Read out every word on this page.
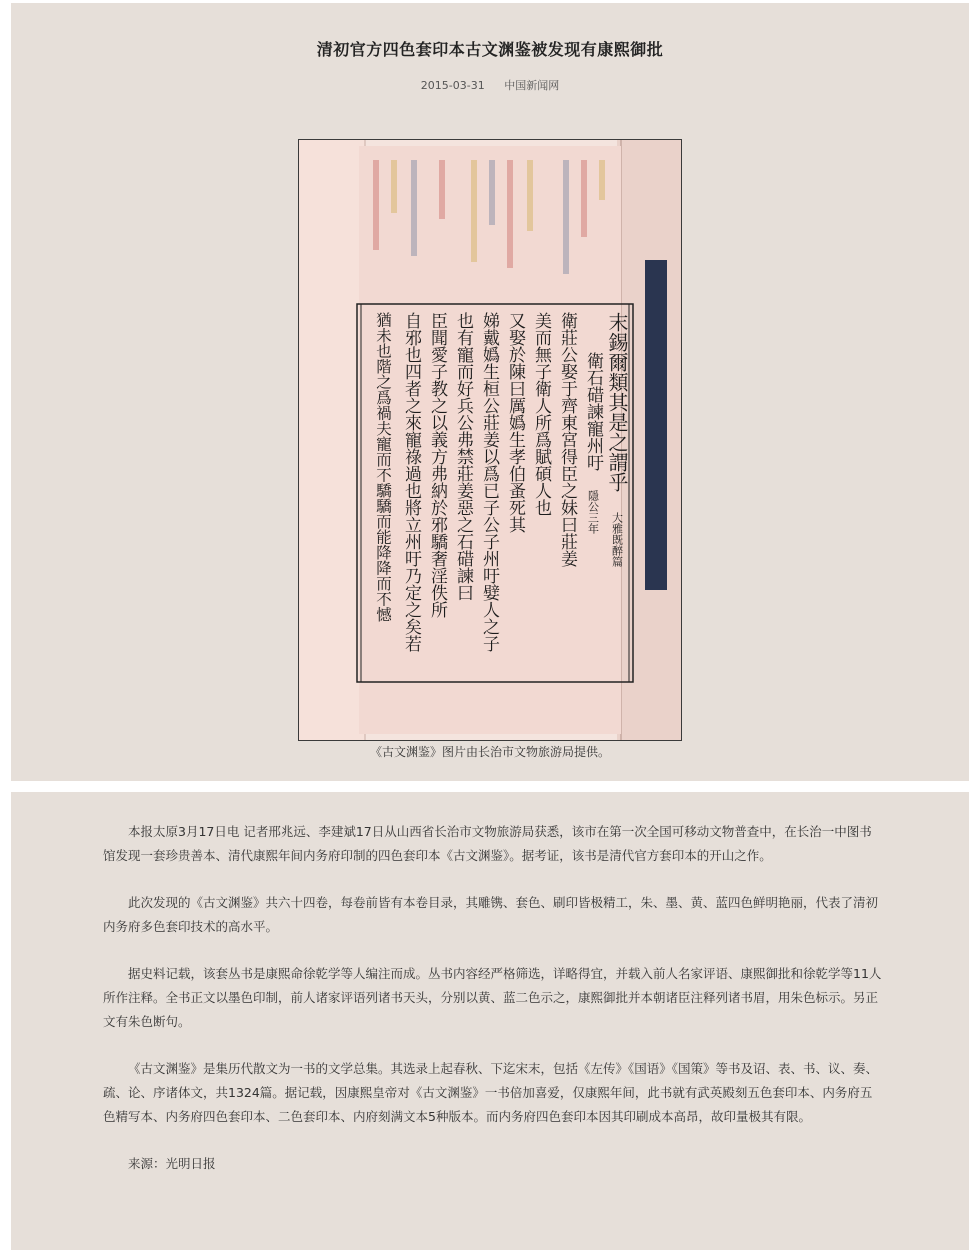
清初官方四色套印本古文渊鉴被发现有康熙御批
2015-03-31 中国新闻网
末錫爾類其是之謂乎
大雅既醉篇
衛石碏諫寵州吁
隱公三年
衛莊公娶于齊東宮得臣之妹曰莊姜
美而無子衛人所爲賦碩人也
又娶於陳曰厲嬀生孝伯蚤死其
娣戴嬀生桓公莊姜以爲已子公子州吁嬖人之子
也有寵而好兵公弗禁莊姜惡之石碏諫曰
臣聞愛子教之以義方弗納於邪驕奢淫佚所
自邪也四者之來寵祿過也將立州吁乃定之矣若
猶未也階之爲禍夫寵而不驕驕而能降降而不憾
《古文渊鉴》图片由长治市文物旅游局提供。

本报太原3月17日电 记者邢兆远、李建斌17日从山西省长治市文物旅游局获悉，该市在第一次全国可移动文物普查中，在长治一中图书馆发现一套珍贵善本、清代康熙年间内务府印制的四色套印本《古文渊鉴》。据考证，该书是清代官方套印本的开山之作。

此次发现的《古文渊鉴》共六十四卷，每卷前皆有本卷目录，其雕镌、套色、刷印皆极精工，朱、墨、黄、蓝四色鲜明艳丽，代表了清初内务府多色套印技术的高水平。

据史料记载，该套丛书是康熙命徐乾学等人编注而成。丛书内容经严格筛选，详略得宜，并载入前人名家评语、康熙御批和徐乾学等11人所作注释。全书正文以墨色印制，前人诸家评语列诸书天头，分别以黄、蓝二色示之，康熙御批并本朝诸臣注释列诸书眉，用朱色标示。另正文有朱色断句。

《古文渊鉴》是集历代散文为一书的文学总集。其选录上起春秋、下迄宋末，包括《左传》《国语》《国策》等书及诏、表、书、议、奏、疏、论、序诸体文，共1324篇。据记载，因康熙皇帝对《古文渊鉴》一书倍加喜爱，仅康熙年间，此书就有武英殿刻五色套印本、内务府五色精写本、内务府四色套印本、二色套印本、内府刻满文本5种版本。而内务府四色套印本因其印刷成本高昂，故印量极其有限。

来源：光明日报
